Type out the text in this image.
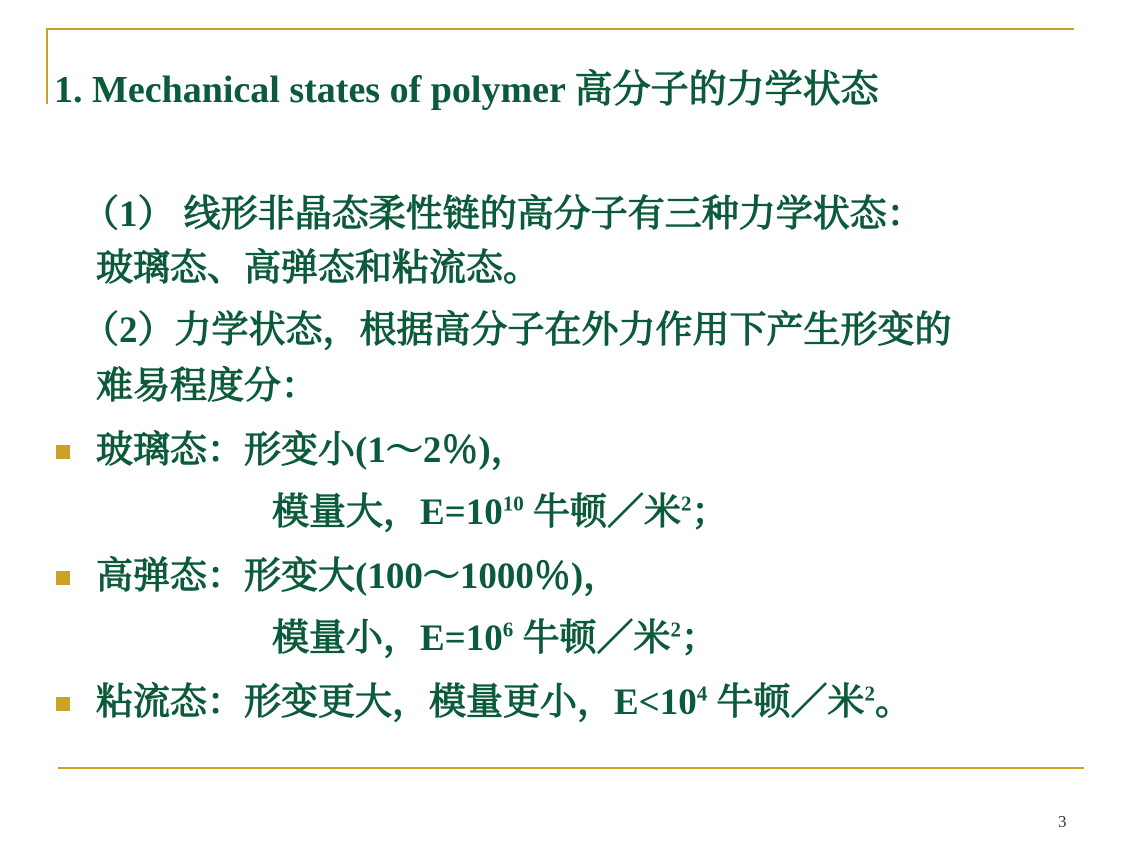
1. Mechanical states of polymer 高分子的力学状态
（1） 线形非晶态柔性链的高分子有三种力学状态：
玻璃态、高弹态和粘流态。
（2）力学状态，根据高分子在外力作用下产生形变的
难易程度分：
玻璃态：形变小(1～2％)，
模量大，$E=10^{10}$ 牛顿／米$^2$；
高弹态：形变大(100～1000％)，
模量小，$E=10^6$ 牛顿／米$^2$；
粘流态：形变更大，模量更小，$E<10^4$ 牛顿／米$^2$。
3
